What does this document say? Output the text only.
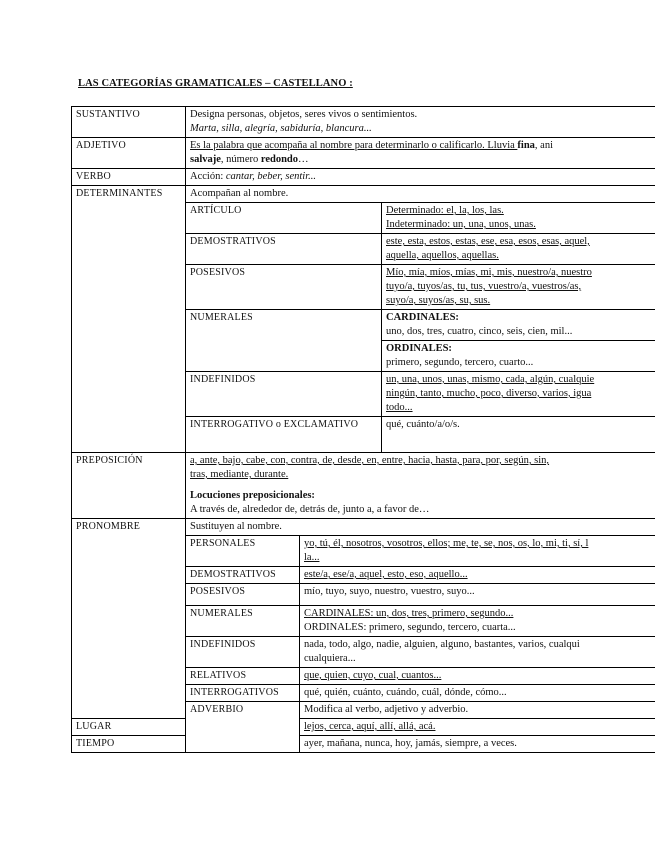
LAS CATEGORÍAS GRAMATICALES – CASTELLANO :
SUSTANTIVO	Designa personas, objetos, seres vivos o sentimientos.
Marta, silla, alegría, sabiduría, blancura...		

ADJETIVO	Es la palabra que acompaña al nombre para determinarlo o calificarlo. Lluvia fina, ani
salvaje, número redondo…		

VERBO	Acción: cantar, beber, sentir...		

DETERMINANTES	Acompañan al nombre.		
	ARTÍCULO		Determinado: el, la, los, las.
Indeterminado: un, una, unos, unas.

	DEMOSTRATIVOS		este, esta, estos, estas, ese, esa, esos, esas, aquel,
aquella, aquellos, aquellas.

	POSESIVOS		Mío, mía, míos, mías, mi, mis, nuestro/a, nuestro
tuyo/a, tuyos/as, tu, tus, vuestro/a, vuestros/as,
suyo/a, suyos/as, su, sus.

	NUMERALES		CARDINALES:
uno, dos, tres, cuatro, cinco, seis, cien, mil...

			ORDINALES:
primero, segundo, tercero, cuarto...

	INDEFINIDOS		un, una, unos, unas, mismo, cada, algún, cualquie
ningún, tanto, mucho, poco, diverso, varios, igua
todo...

	INTERROGATIVO o EXCLAMATIVO		qué, cuánto/a/o/s.
PREPOSICIÓN	a, ante, bajo, cabe, con, contra, de, desde, en, entre, hacia, hasta, para, por, según, sin,
tras, mediante, durante.
Locuciones preposicionales:
A través de, alrededor de, detrás de, junto a, a favor de…		

PRONOMBRE	Sustituyen al nombre.		
	PERSONALES	yo, tú, él, nosotros, vosotros, ellos; me, te, se, nos, os, lo, mi, ti, sí, l
la...	

	DEMOSTRATIVOS	este/a, ese/a, aquel, esto, eso, aquello...	
	POSESIVOS	mío, tuyo, suyo, nuestro, vuestro, suyo...	
	NUMERALES	CARDINALES: un, dos, tres, primero, segundo...
ORDINALES: primero, segundo, tercero, cuarta...	

	INDEFINIDOS	nada, todo, algo, nadie, alguien, alguno, bastantes, varios, cualqui
cualquiera...	

	RELATIVOS	que, quien, cuyo, cual, cuantos...	
	INTERROGATIVOS	qué, quién, cuánto, cuándo, cuál, dónde, cómo...	
	ADVERBIO	Modifica al verbo, adjetivo y adverbio.	
LUGAR		lejos, cerca, aquí, allí, allá, acá.	
TIEMPO		ayer, mañana, nunca, hoy, jamás, siempre, a veces.	
